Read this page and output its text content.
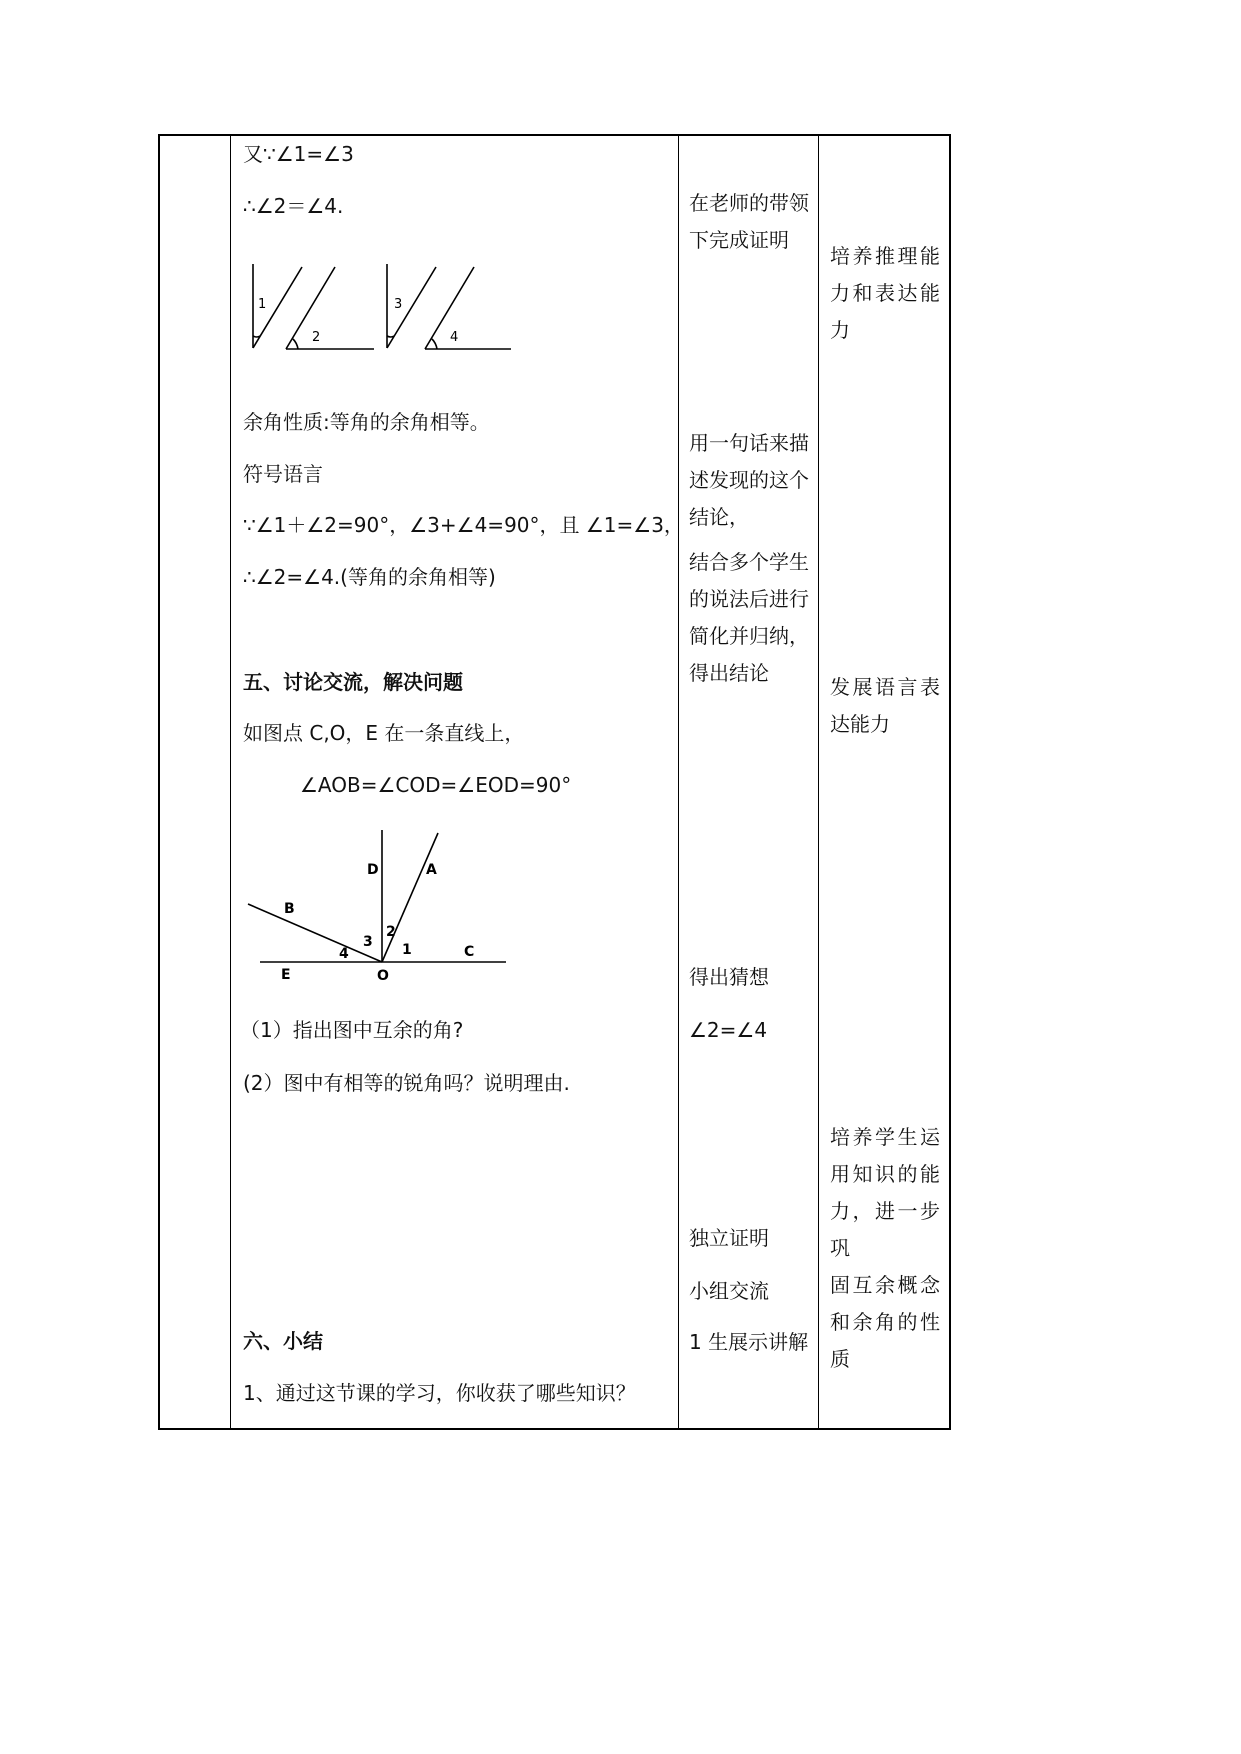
又∵∠1=∠3
∴∠2＝∠4.
1
2
3
4
余角性质:等角的余角相等。
符号语言
∵∠1＋∠2=90°，∠3+∠4=90°，且 ∠1=∠3，
∴∠2=∠4.(等角的余角相等)
五、讨论交流，解决问题
如图点 C,O，E 在一条直线上，
∠AOB=∠COD=∠EOD=90°
D	A
B
3
2
1
4	C
E	O
（1）指出图中互余的角?
(2）图中有相等的锐角吗？说明理由.
六、小结
1、通过这节课的学习，你收获了哪些知识？
在老师的带领
下完成证明
用一句话来描
述发现的这个
结论，
结合多个学生
的说法后进行
简化并归纳，
得出结论
得出猜想
∠2=∠4
独立证明
小组交流
1 生展示讲解
培养推理能
力和表达能
力
发展语言表
达能力
培养学生运
用知识的能
力，进一步巩
固互余概念
和余角的性
质
